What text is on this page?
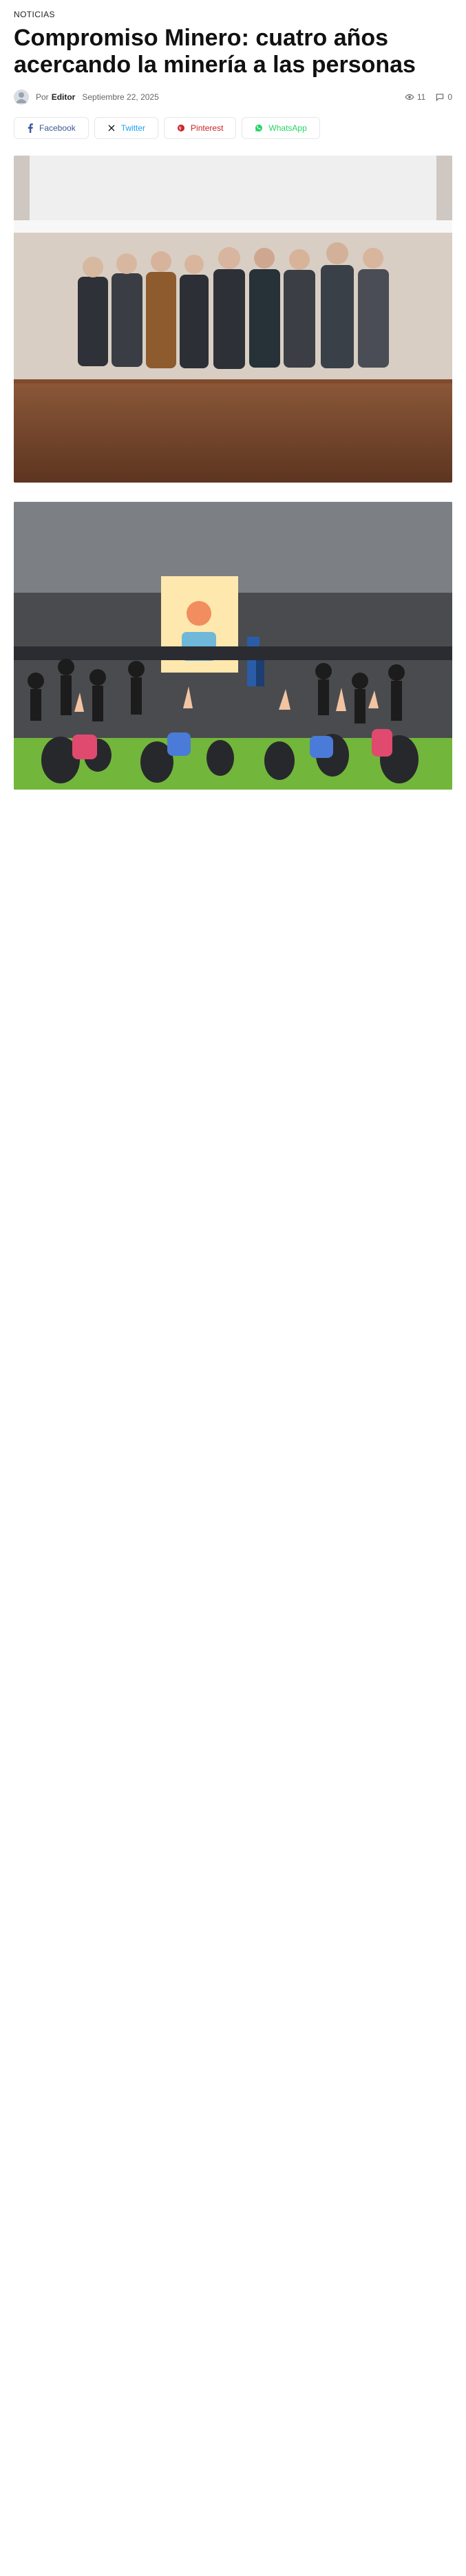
NOTICIAS
Compromiso Minero: cuatro años acercando la minería a las personas
Por Editor Septiembre 22, 2025	11	0
Facebook	Twitter	Pinterest	WhatsApp
